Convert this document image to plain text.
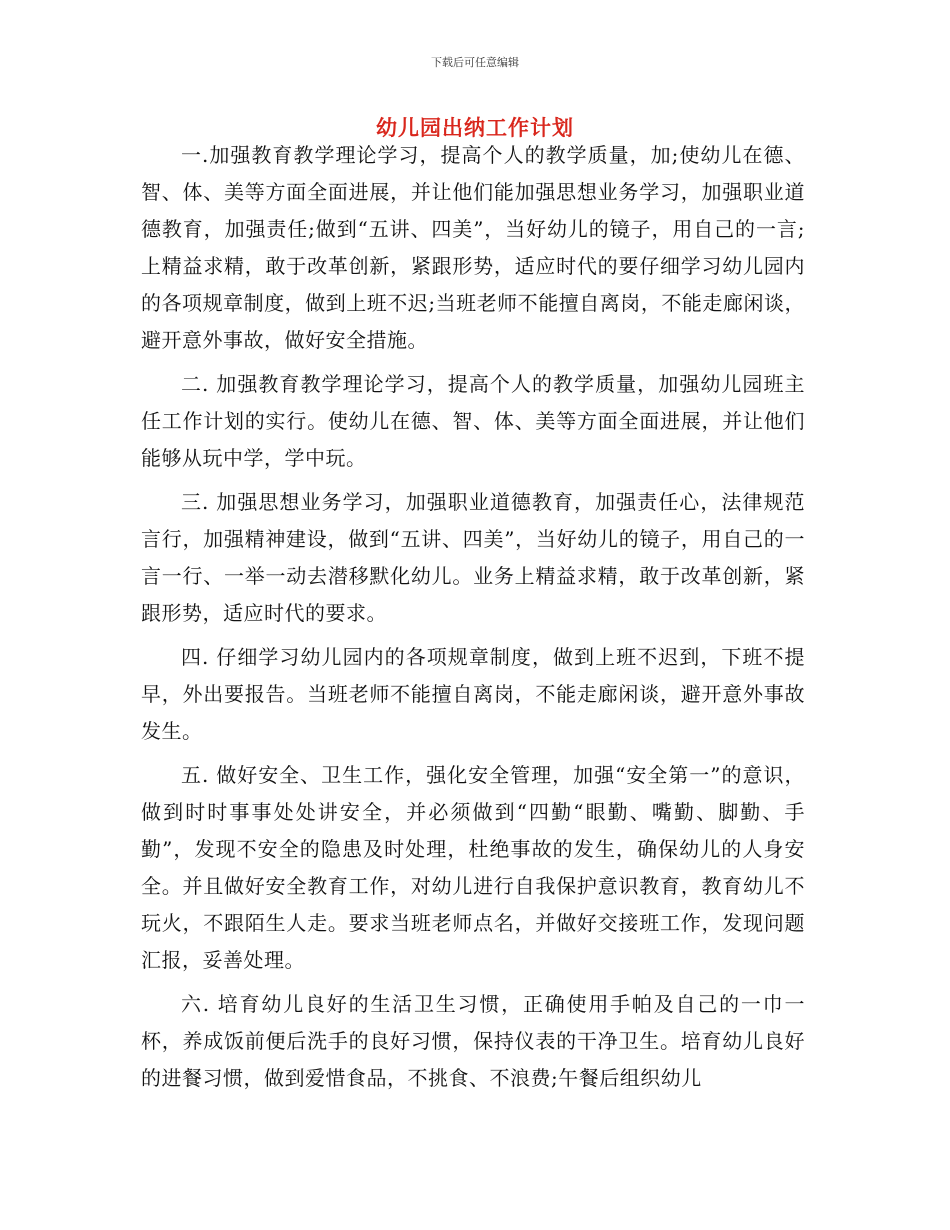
下载后可任意编辑
幼儿园出纳工作计划

一.加强教育教学理论学习，提高个人的教学质量，加;使幼儿在德、智、体、美等方面全面进展，并让他们能加强思想业务学习，加强职业道德教育，加强责任;做到“五讲、四美”，当好幼儿的镜子，用自己的一言;上精益求精，敢于改革创新，紧跟形势，适应时代的要仔细学习幼儿园内的各项规章制度，做到上班不迟;当班老师不能擅自离岗，不能走廊闲谈，避开意外事故，做好安全措施。

二. 加强教育教学理论学习，提高个人的教学质量，加强幼儿园班主任工作计划的实行。使幼儿在德、智、体、美等方面全面进展，并让他们能够从玩中学，学中玩。

三. 加强思想业务学习，加强职业道德教育，加强责任心，法律规范言行，加强精神建设，做到“五讲、四美”，当好幼儿的镜子，用自己的一言一行、一举一动去潜移默化幼儿。业务上精益求精，敢于改革创新，紧跟形势，适应时代的要求。

四. 仔细学习幼儿园内的各项规章制度，做到上班不迟到，下班不提早，外出要报告。当班老师不能擅自离岗，不能走廊闲谈，避开意外事故发生。

五. 做好安全、卫生工作，强化安全管理，加强“安全第一”的意识，做到时时事事处处讲安全，并必须做到“四勤“眼勤、嘴勤、脚勤、手勤”，发现不安全的隐患及时处理，杜绝事故的发生，确保幼儿的人身安全。并且做好安全教育工作，对幼儿进行自我保护意识教育，教育幼儿不玩火，不跟陌生人走。要求当班老师点名，并做好交接班工作，发现问题汇报，妥善处理。

六. 培育幼儿良好的生活卫生习惯，正确使用手帕及自己的一巾一杯，养成饭前便后洗手的良好习惯，保持仪表的干净卫生。培育幼儿良好的进餐习惯，做到爱惜食品，不挑食、不浪费;午餐后组织幼儿
